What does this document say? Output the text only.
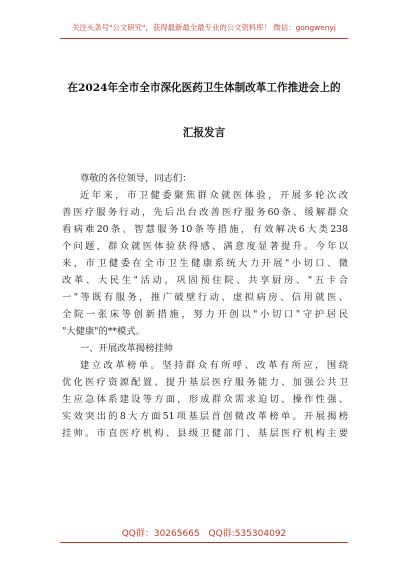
关注头条号"公文研究"，获得最新最全最专业的公文资料库！ 微信：gongwenyj
在2024年全市全市深化医药卫生体制改革工作推进会上的
汇报发言
尊敬的各位领导，同志们：
近年来，市卫健委聚焦群众就医体验，开展多轮次改
善医疗服务行动，先后出台改善医疗服务60条、缓解群众
看病难20条、智慧服务10条等措施，有效解决6大类238
个问题，群众就医体验获得感、满意度显著提升。今年以
来，市卫健委在全市卫生健康系统大力开展"小切口、微
改革、大民生"活动，巩固预住院、共享厨房、"五卡合
一"等既有服务，推广破壁行动、虚拟病房、信用就医、
全院一张床等创新措施，努力开创以"小切口"守护居民
"大健康"的**模式。
一、开展改革揭榜挂帅
建立改革榜单。坚持群众有所呼、改革有所应，围绕
优化医疗资源配置、提升基层医疗服务能力、加强公共卫
生应急体系建设等方面，形成群众需求迫切、操作性强、
实效突出的8大方面51项基层首创微改革榜单。开展揭榜
挂帅。市直医疗机构、县级卫健部门、基层医疗机构主要
QQ群：30265665 QQ群:535304092
